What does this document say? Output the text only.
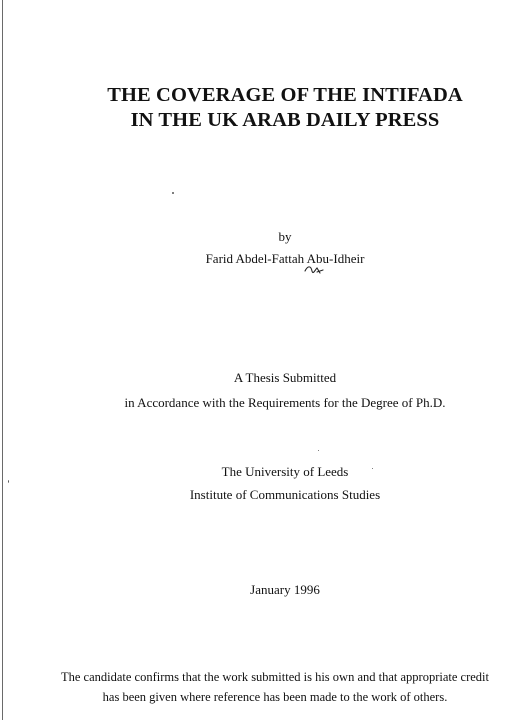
THE COVERAGE OF THE INTIFADA
IN THE UK ARAB DAILY PRESS
by
Farid Abdel-Fattah Abu-Idheir
A Thesis Submitted
in Accordance with the Requirements for the Degree of Ph.D.
The University of Leeds
Institute of Communications Studies
January 1996
The candidate confirms that the work submitted is his own and that appropriate credit
has been given where reference has been made to the work of others.
